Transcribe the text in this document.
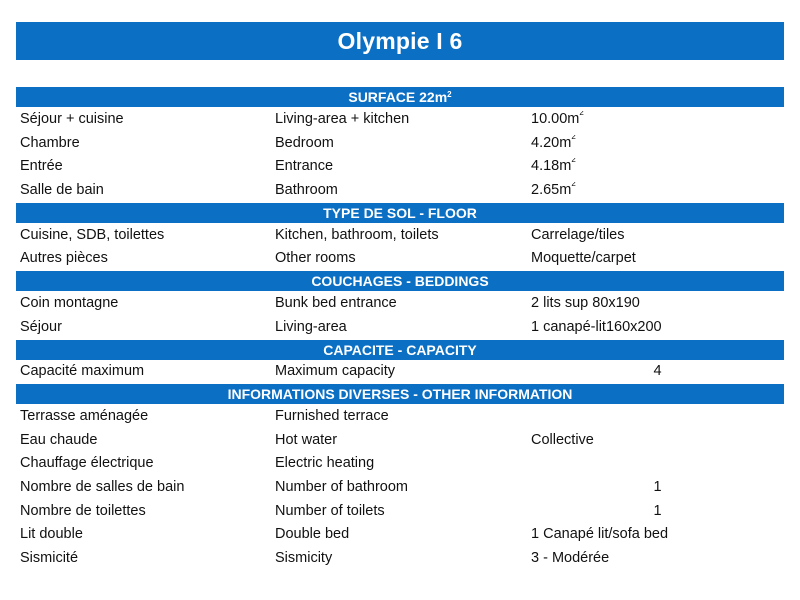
Olympie I 6
SURFACE $22m^2$
Séjour + cuisine	Living-area + kitchen	$10.00m^2$
Chambre	Bedroom	$4.20m^2$
Entrée	Entrance	$4.18m^2$
Salle de bain	Bathroom	$2.65m^2$
TYPE DE SOL - FLOOR
Cuisine, SDB, toilettes	Kitchen, bathroom, toilets	Carrelage/tiles
Autres pièces	Other rooms	Moquette/carpet
COUCHAGES - BEDDINGS
Coin montagne	Bunk bed entrance	2 lits sup 80x190
Séjour	Living-area	1 canapé-lit160x200
CAPACITE - CAPACITY
Capacité maximum	Maximum capacity	4
INFORMATIONS DIVERSES - OTHER INFORMATION
Terrasse aménagée	Furnished terrace
Eau chaude	Hot water	Collective
Chauffage électrique	Electric heating
Nombre de salles de bain	Number of bathroom	1
Nombre de toilettes	Number of toilets	1
Lit double	Double bed	1 Canapé lit/sofa bed
Sismicité	Sismicity	3 - Modérée
